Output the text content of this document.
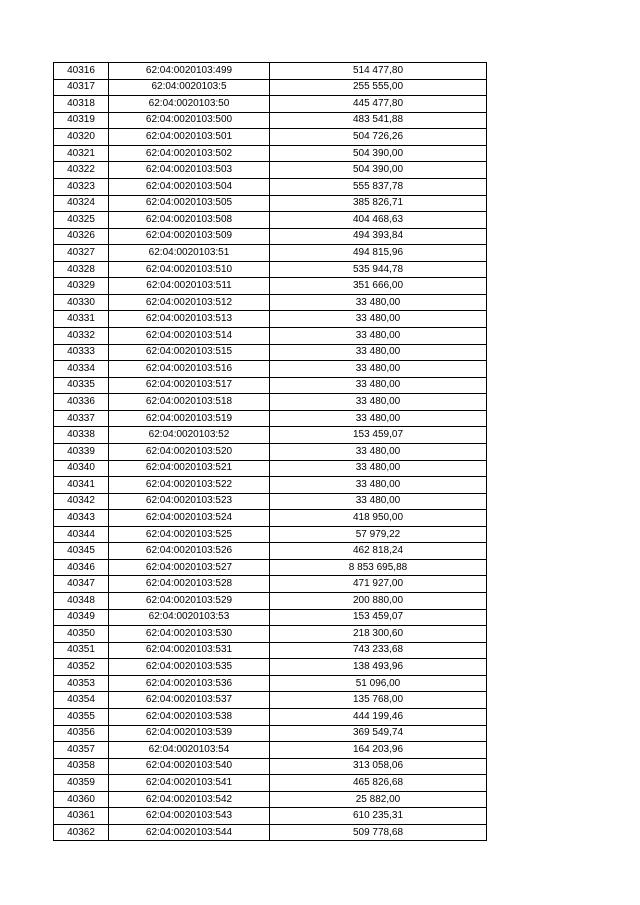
40316	62:04:0020103:499	514 477,80
40317	62:04:0020103:5	255 555,00
40318	62:04:0020103:50	445 477,80
40319	62:04:0020103:500	483 541,88
40320	62:04:0020103:501	504 726,26
40321	62:04:0020103:502	504 390,00
40322	62:04:0020103:503	504 390,00
40323	62:04:0020103:504	555 837,78
40324	62:04:0020103:505	385 826,71
40325	62:04:0020103:508	404 468,63
40326	62:04:0020103:509	494 393,84
40327	62:04:0020103:51	494 815,96
40328	62:04:0020103:510	535 944,78
40329	62:04:0020103:511	351 666,00
40330	62:04:0020103:512	33 480,00
40331	62:04:0020103:513	33 480,00
40332	62:04:0020103:514	33 480,00
40333	62:04:0020103:515	33 480,00
40334	62:04:0020103:516	33 480,00
40335	62:04:0020103:517	33 480,00
40336	62:04:0020103:518	33 480,00
40337	62:04:0020103:519	33 480,00
40338	62:04:0020103:52	153 459,07
40339	62:04:0020103:520	33 480,00
40340	62:04:0020103:521	33 480,00
40341	62:04:0020103:522	33 480,00
40342	62:04:0020103:523	33 480,00
40343	62:04:0020103:524	418 950,00
40344	62:04:0020103:525	57 979,22
40345	62:04:0020103:526	462 818,24
40346	62:04:0020103:527	8 853 695,88
40347	62:04:0020103:528	471 927,00
40348	62:04:0020103:529	200 880,00
40349	62:04:0020103:53	153 459,07
40350	62:04:0020103:530	218 300,60
40351	62:04:0020103:531	743 233,68
40352	62:04:0020103:535	138 493,96
40353	62:04:0020103:536	51 096,00
40354	62:04:0020103:537	135 768,00
40355	62:04:0020103:538	444 199,46
40356	62:04:0020103:539	369 549,74
40357	62:04:0020103:54	164 203,96
40358	62:04:0020103:540	313 058,06
40359	62:04:0020103:541	465 826,68
40360	62:04:0020103:542	25 882,00
40361	62:04:0020103:543	610 235,31
40362	62:04:0020103:544	509 778,68
